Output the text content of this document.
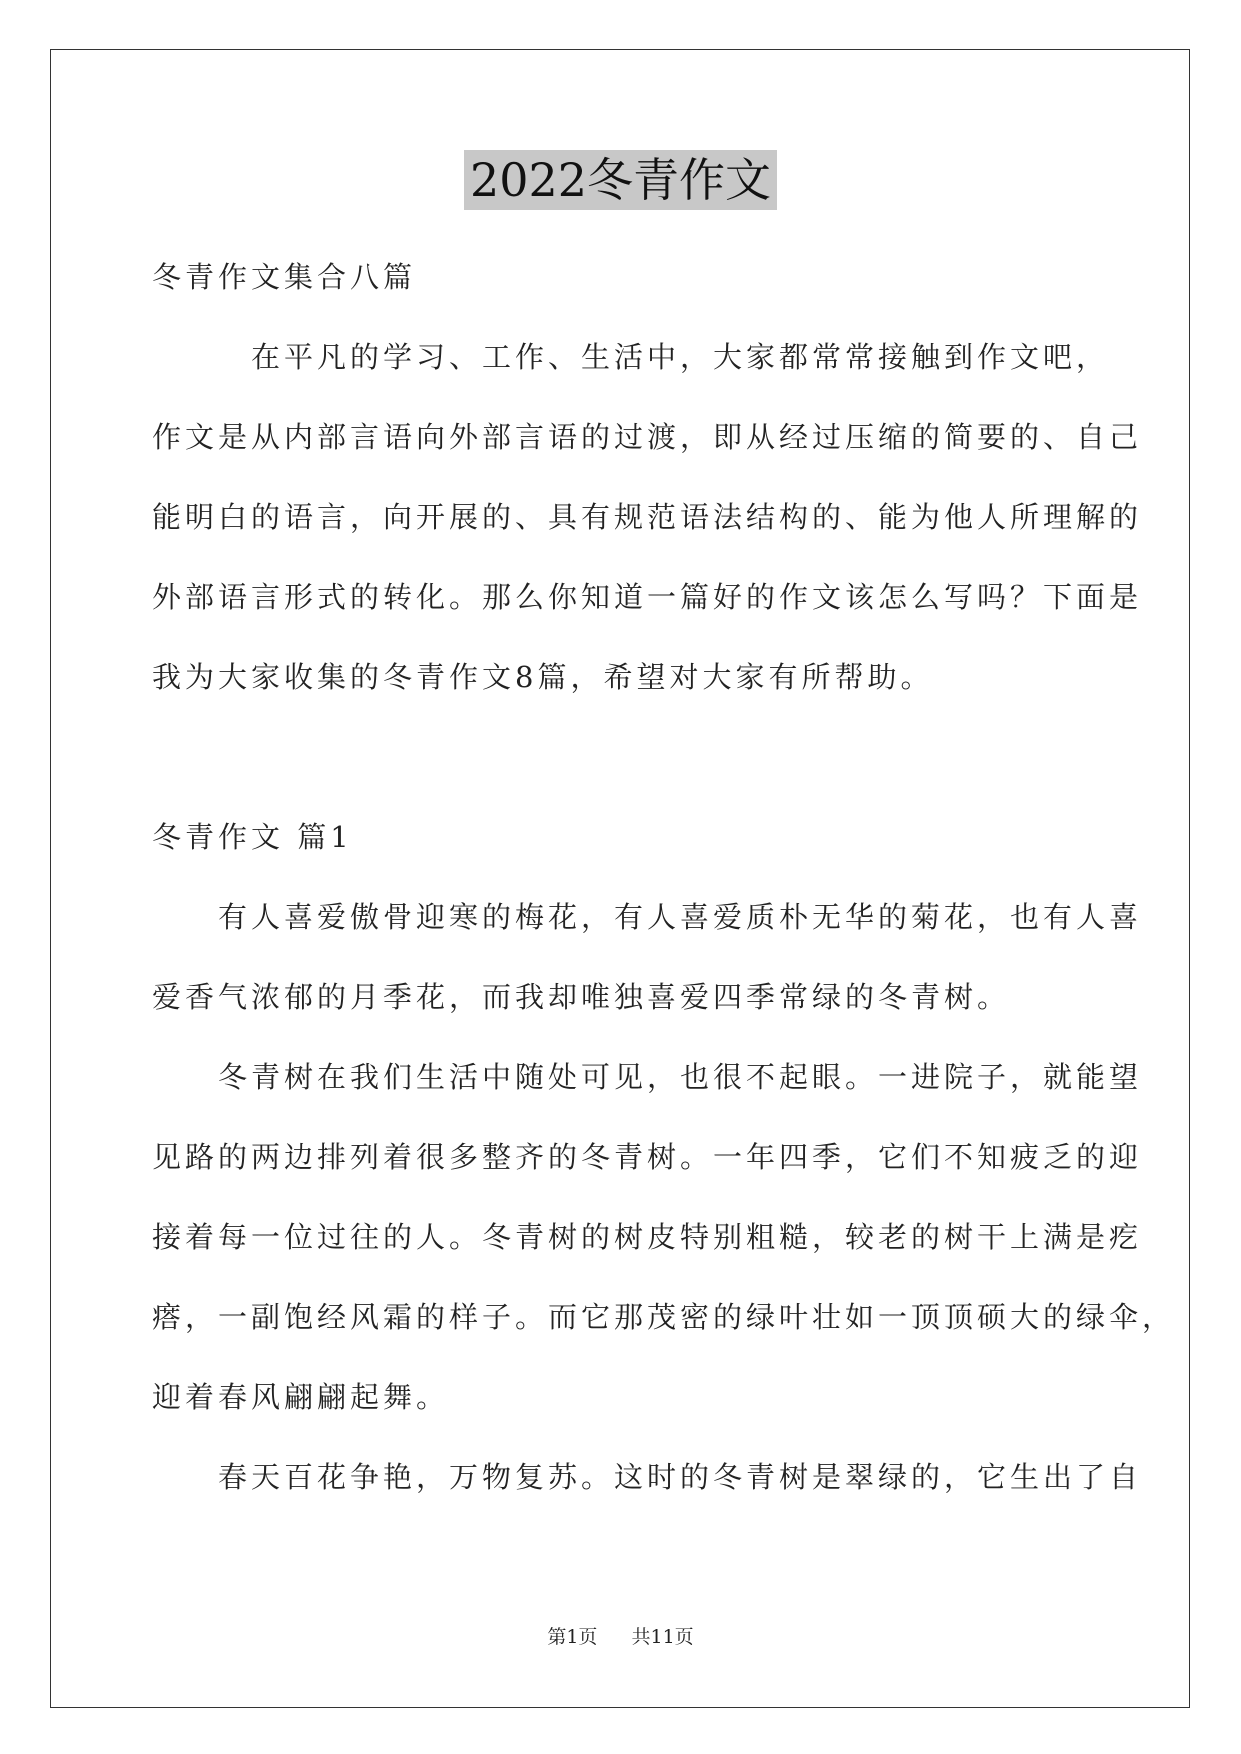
2022冬青作文
冬青作文集合八篇
　　　在平凡的学习、工作、生活中，大家都常常接触到作文吧，
作文是从内部言语向外部言语的过渡，即从经过压缩的简要的、自己
能明白的语言，向开展的、具有规范语法结构的、能为他人所理解的
外部语言形式的转化。那么你知道一篇好的作文该怎么写吗？下面是
我为大家收集的冬青作文8篇，希望对大家有所帮助。
冬青作文 篇1
　　有人喜爱傲骨迎寒的梅花，有人喜爱质朴无华的菊花，也有人喜
爱香气浓郁的月季花，而我却唯独喜爱四季常绿的冬青树。
　　冬青树在我们生活中随处可见，也很不起眼。一进院子，就能望
见路的两边排列着很多整齐的冬青树。一年四季，它们不知疲乏的迎
接着每一位过往的人。冬青树的树皮特别粗糙，较老的树干上满是疙
瘩，一副饱经风霜的样子。而它那茂密的绿叶壮如一顶顶硕大的绿伞，
迎着春风翩翩起舞。
　　春天百花争艳，万物复苏。这时的冬青树是翠绿的，它生出了自
第1页 共11页
